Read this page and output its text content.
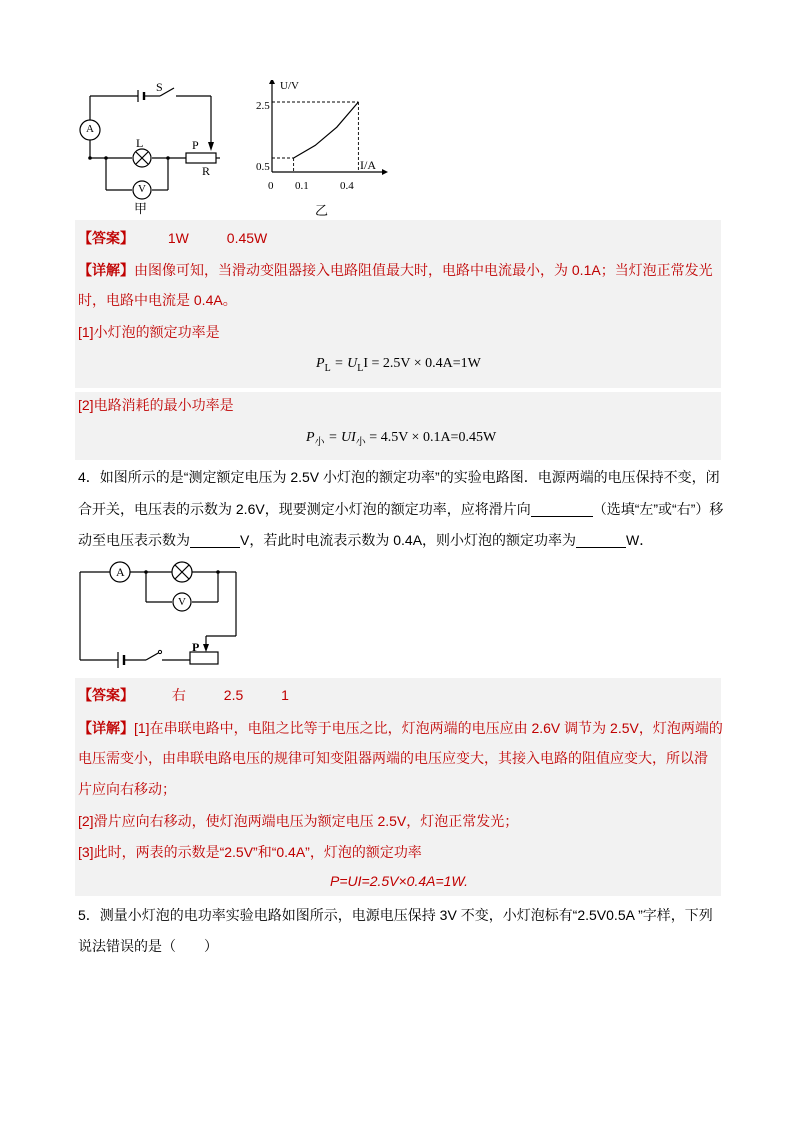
S
A
L
V
P
R
甲
U/V
I/A
0
2.5
0.5
0.1	0.4
乙
【答案】 1W	0.45W
【详解】由图像可知，当滑动变阻器接入电路阻值最大时，电路中电流最小，为 0.1A；当灯泡正常发光
时，电路中电流是 0.4A。
[1]小灯泡的额定功率是
$P_L = U_LI = 2.5V \times 0.4A=1W$
[2]电路消耗的最小功率是
$P_小 = UI_小 = 4.5V \times 0.1A=0.45W$
4．如图所示的是“测定额定电压为 2.5V 小灯泡的额定功率”的实验电路图．电源两端的电压保持不变，闭
合开关，电压表的示数为 2.6V，现要测定小灯泡的额定功率，应将滑片向	（选填“左”或“右”）移
动至电压表示数为	V，若此时电流表示数为 0.4A，则小灯泡的额定功率为	W．
A
V
P
【答案】	右	2.5	1
【详解】[1]在串联电路中，电阻之比等于电压之比，灯泡两端的电压应由 2.6V 调节为 2.5V，灯泡两端的
电压需变小，由串联电路电压的规律可知变阻器两端的电压应变大，其接入电路的阻值应变大，所以滑
片应向右移动；
[2]滑片应向右移动，使灯泡两端电压为额定电压 2.5V，灯泡正常发光；
[3]此时，两表的示数是“2.5V”和“0.4A”，灯泡的额定功率
P=UI=2.5V×0.4A=1W.
5．测量小灯泡的电功率实验电路如图所示，电源电压保持 3V 不变，小灯泡标有“2.5V0.5A ”字样，下列
说法错误的是（　　）
